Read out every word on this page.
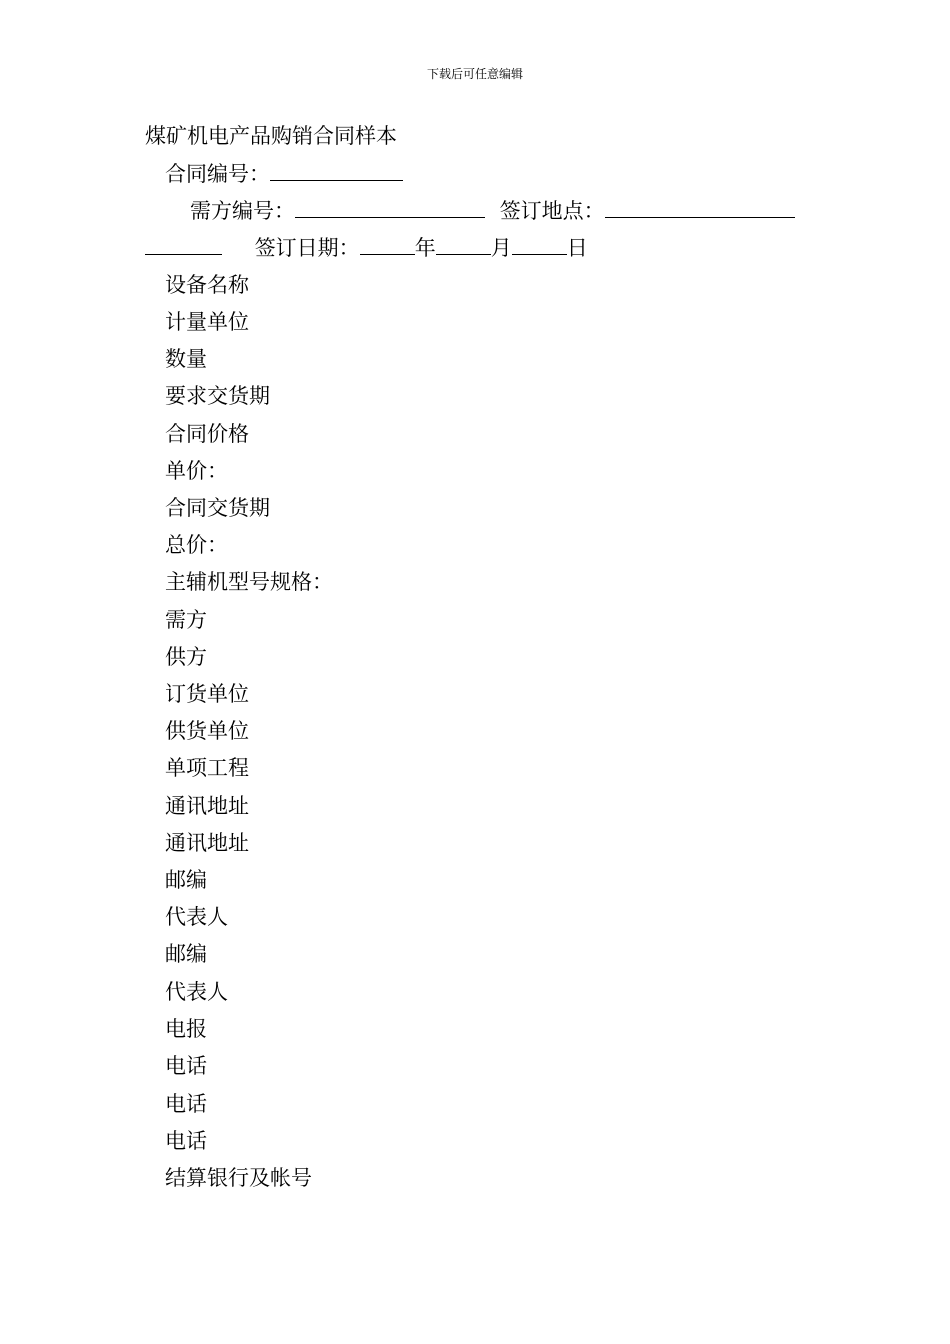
下载后可任意编辑
煤矿机电产品购销合同样本
合同编号：
需方编号：	签订地点：
签订日期：	年	月	日
设备名称
计量单位
数量
要求交货期
合同价格
单价：
合同交货期
总价：
主辅机型号规格：
需方
供方
订货单位
供货单位
单项工程
通讯地址
通讯地址
邮编
代表人
邮编
代表人
电报
电话
电话
电话
结算银行及帐号
